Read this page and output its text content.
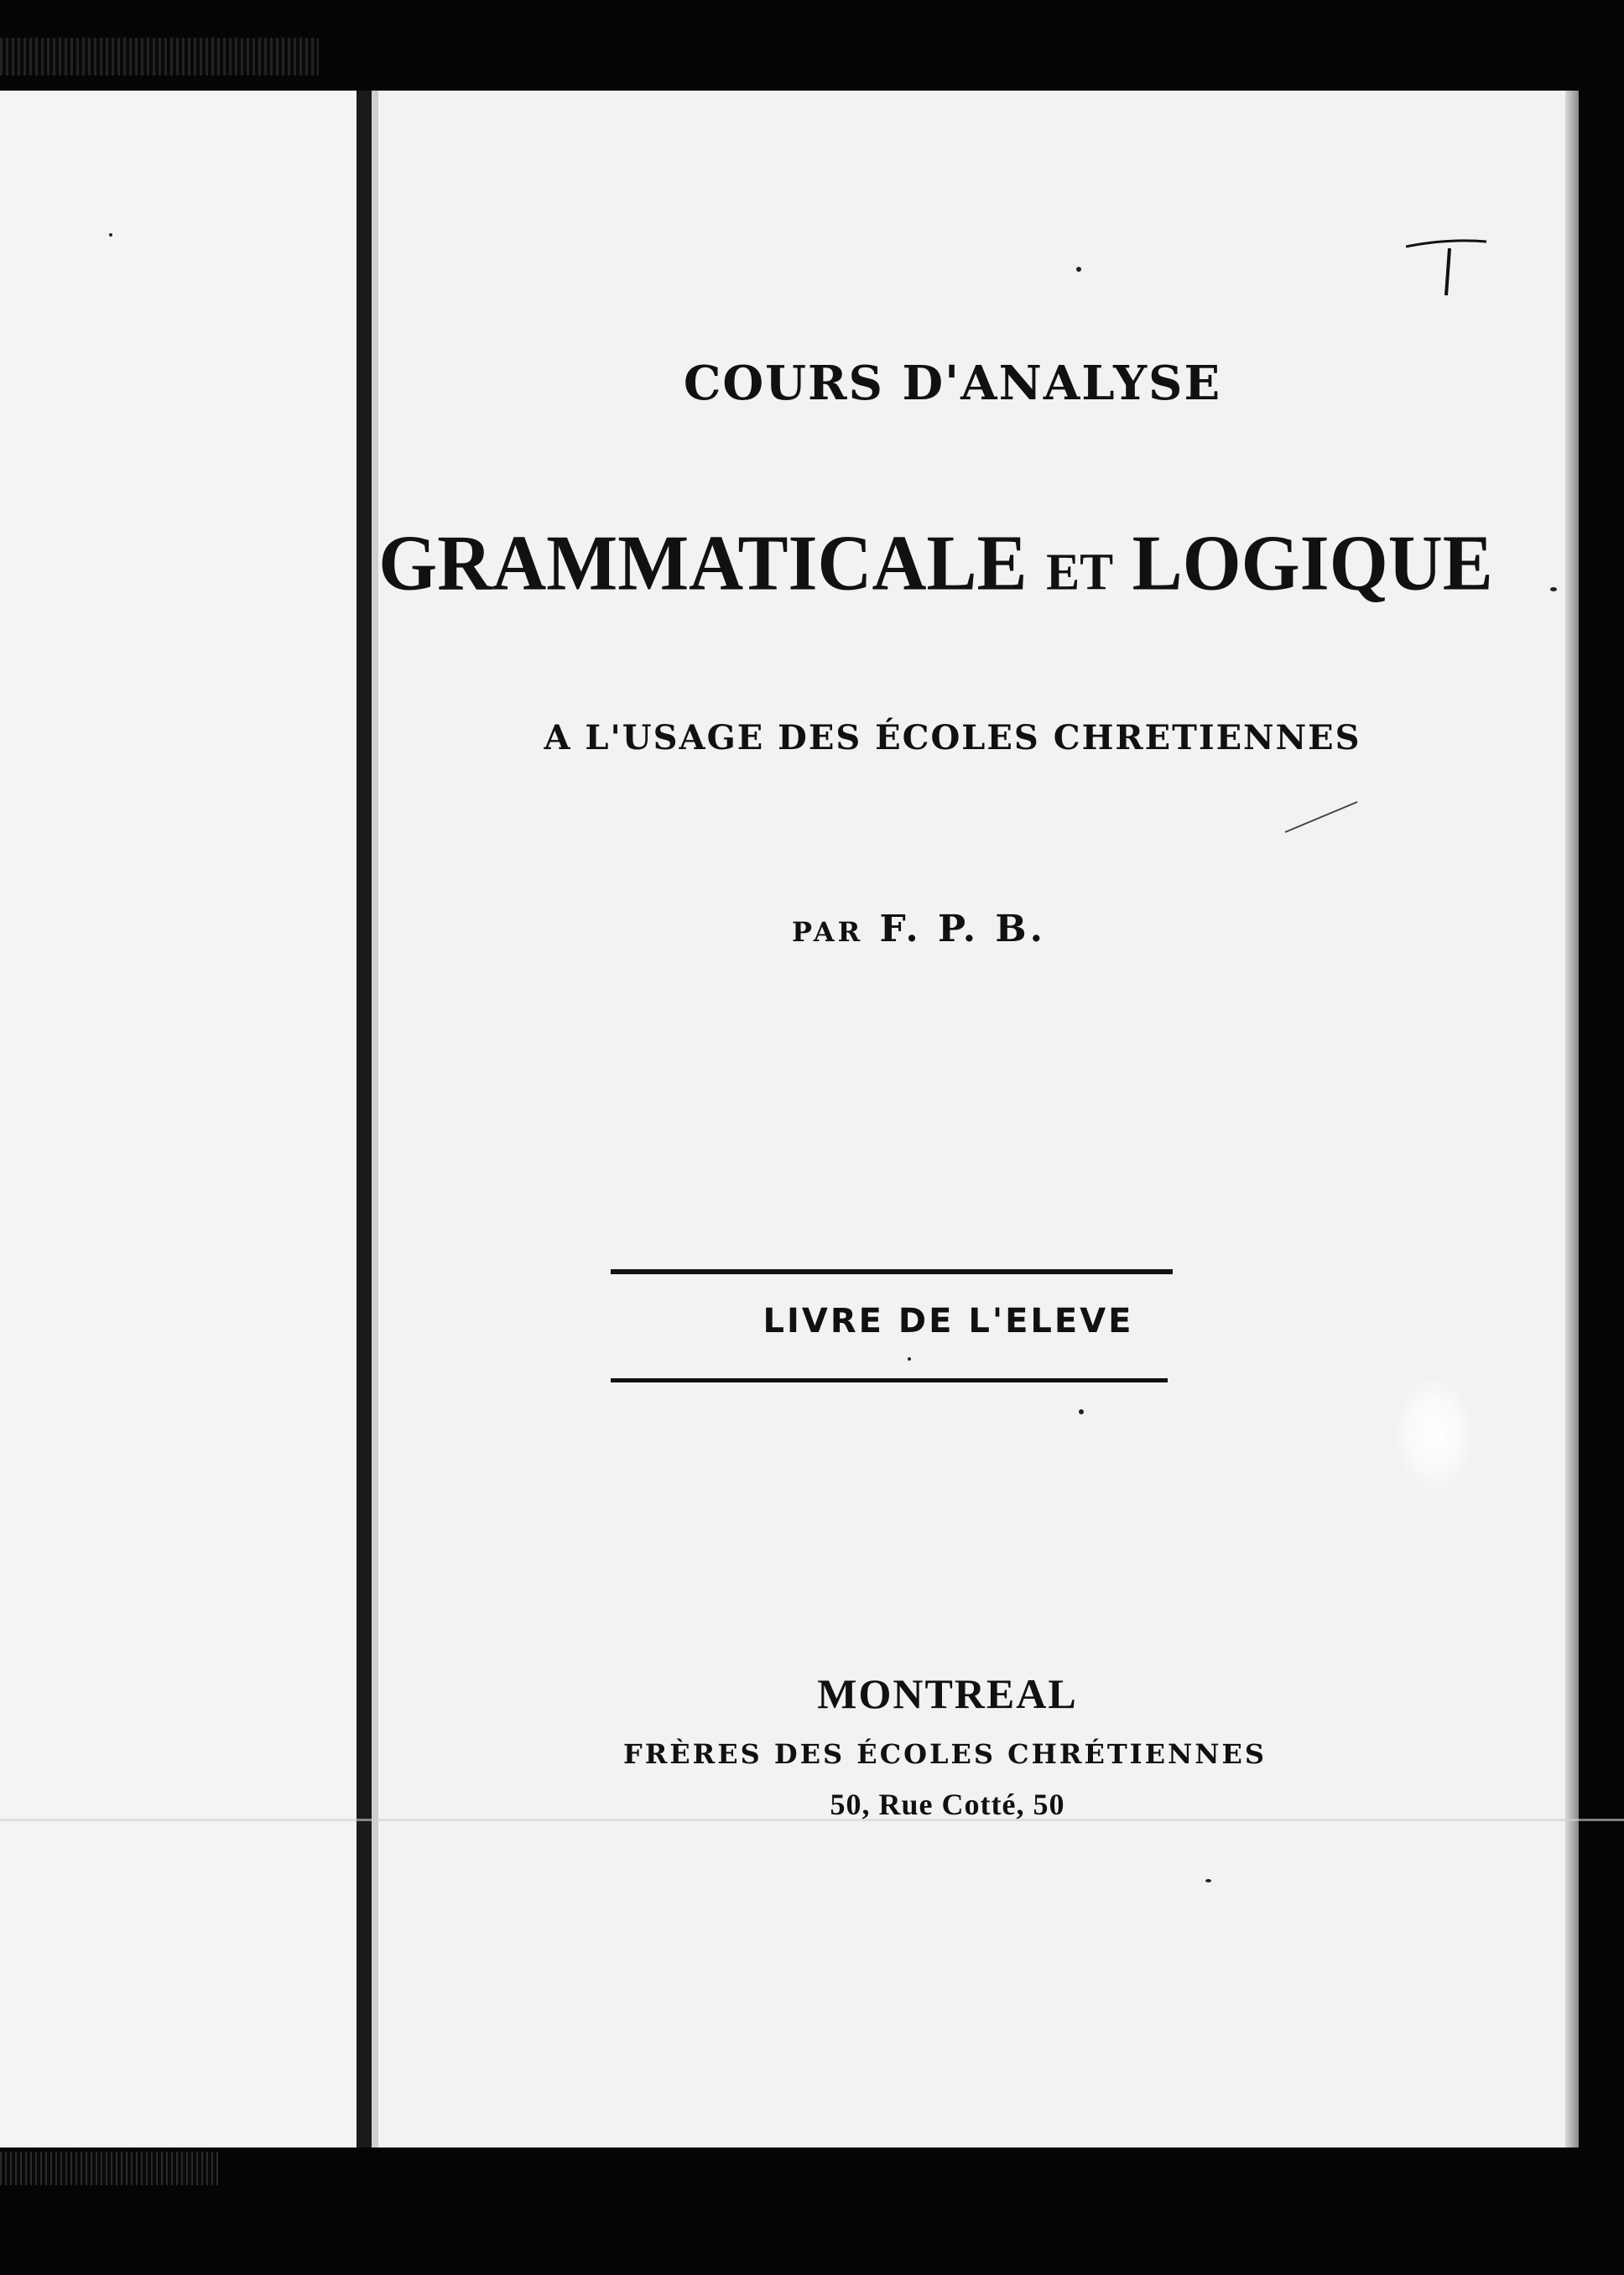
COURS D'ANALYSE
GRAMMATICALE ET LOGIQUE
A L'USAGE DES ÉCOLES CHRETIENNES
PAR F. P. B.
LIVRE DE L'ELEVE
MONTREAL
FRÈRES DES ÉCOLES CHRÉTIENNES
50, Rue Cotté, 50
